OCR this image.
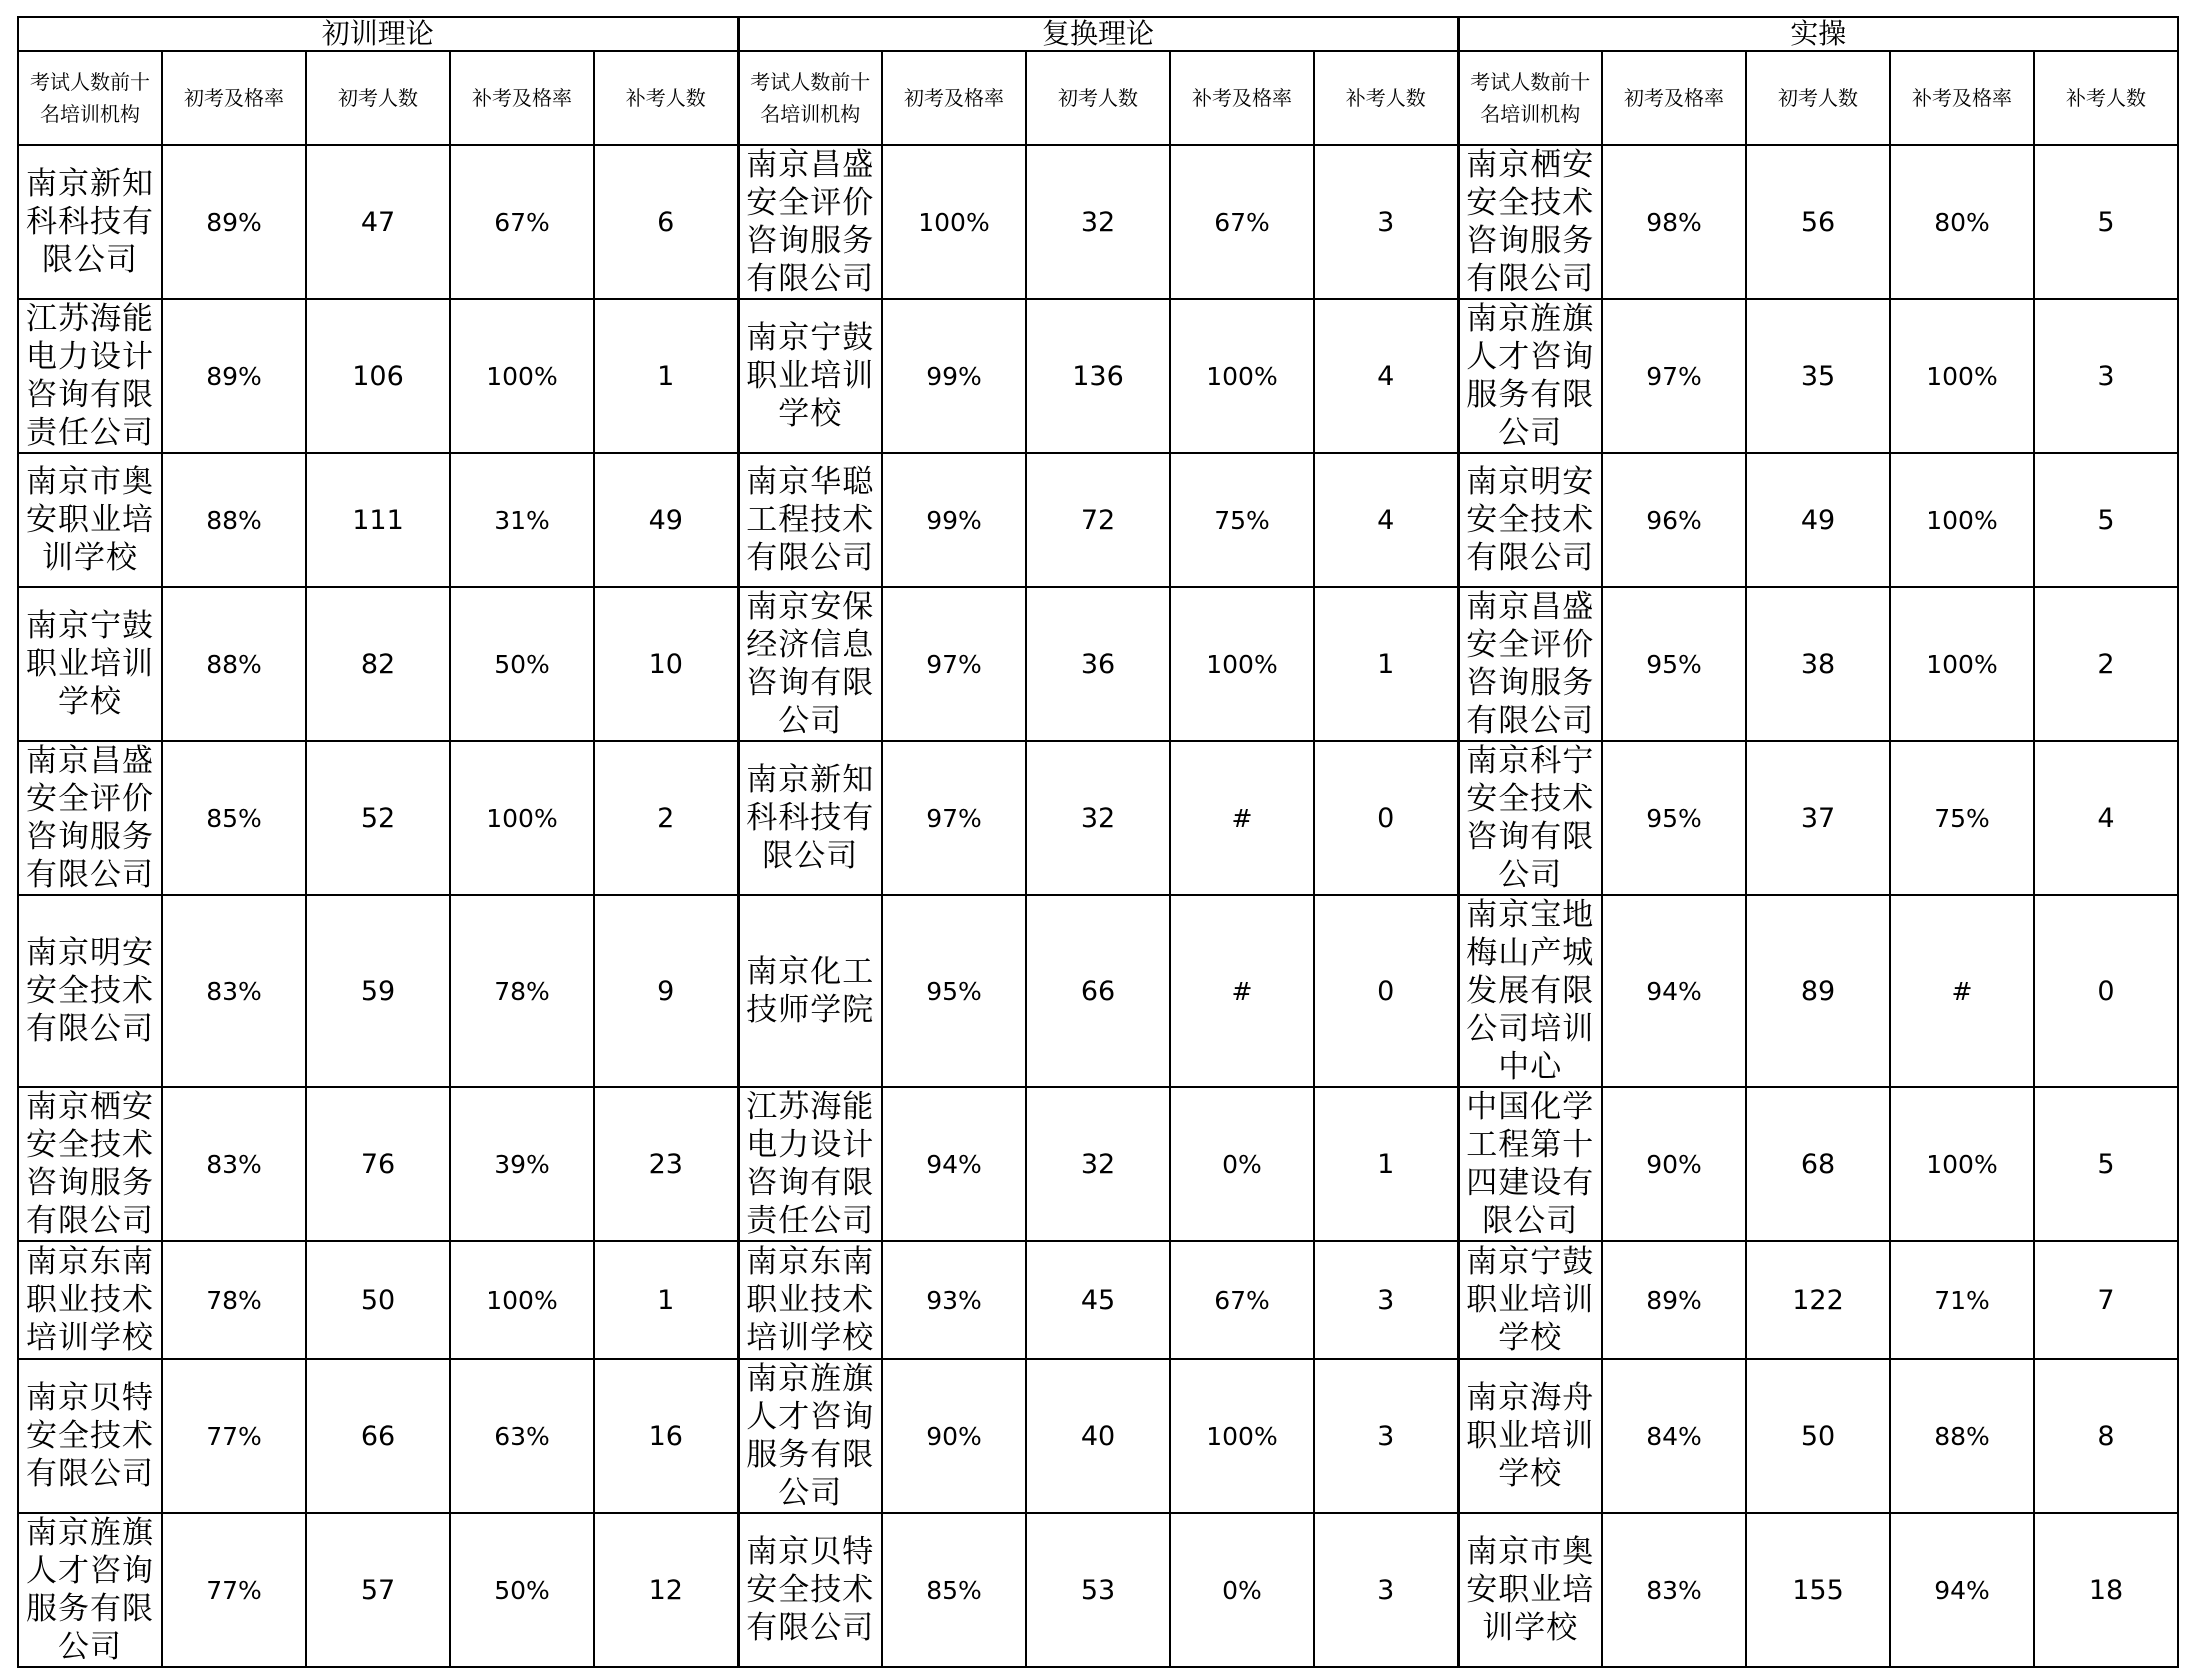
初训理论					复换理论					实操				
考试人数前十名培训机构	初考及格率	初考人数	补考及格率	补考人数	考试人数前十名培训机构	初考及格率	初考人数	补考及格率	补考人数	考试人数前十名培训机构	初考及格率	初考人数	补考及格率	补考人数
南京新知科科技有限公司	89%	47	67%	6	南京昌盛安全评价咨询服务有限公司	100%	32	67%	3	南京栖安安全技术咨询服务有限公司	98%	56	80%	5
江苏海能电力设计咨询有限责任公司	89%	106	100%	1	南京宁鼓职业培训学校	99%	136	100%	4	南京旌旗人才咨询服务有限公司	97%	35	100%	3
南京市奥安职业培训学校	88%	111	31%	49	南京华聪工程技术有限公司	99%	72	75%	4	南京明安安全技术有限公司	96%	49	100%	5
南京宁鼓职业培训学校	88%	82	50%	10	南京安保经济信息咨询有限公司	97%	36	100%	1	南京昌盛安全评价咨询服务有限公司	95%	38	100%	2
南京昌盛安全评价咨询服务有限公司	85%	52	100%	2	南京新知科科技有限公司	97%	32	#	0	南京科宁安全技术咨询有限公司	95%	37	75%	4
南京明安安全技术有限公司	83%	59	78%	9	南京化工技师学院	95%	66	#	0	南京宝地梅山产城发展有限公司培训中心	94%	89	#	0
南京栖安安全技术咨询服务有限公司	83%	76	39%	23	江苏海能电力设计咨询有限责任公司	94%	32	0%	1	中国化学工程第十四建设有限公司	90%	68	100%	5
南京东南职业技术培训学校	78%	50	100%	1	南京东南职业技术培训学校	93%	45	67%	3	南京宁鼓职业培训学校	89%	122	71%	7
南京贝特安全技术有限公司	77%	66	63%	16	南京旌旗人才咨询服务有限公司	90%	40	100%	3	南京海舟职业培训学校	84%	50	88%	8
南京旌旗人才咨询服务有限公司	77%	57	50%	12	南京贝特安全技术有限公司	85%	53	0%	3	南京市奥安职业培训学校	83%	155	94%	18
